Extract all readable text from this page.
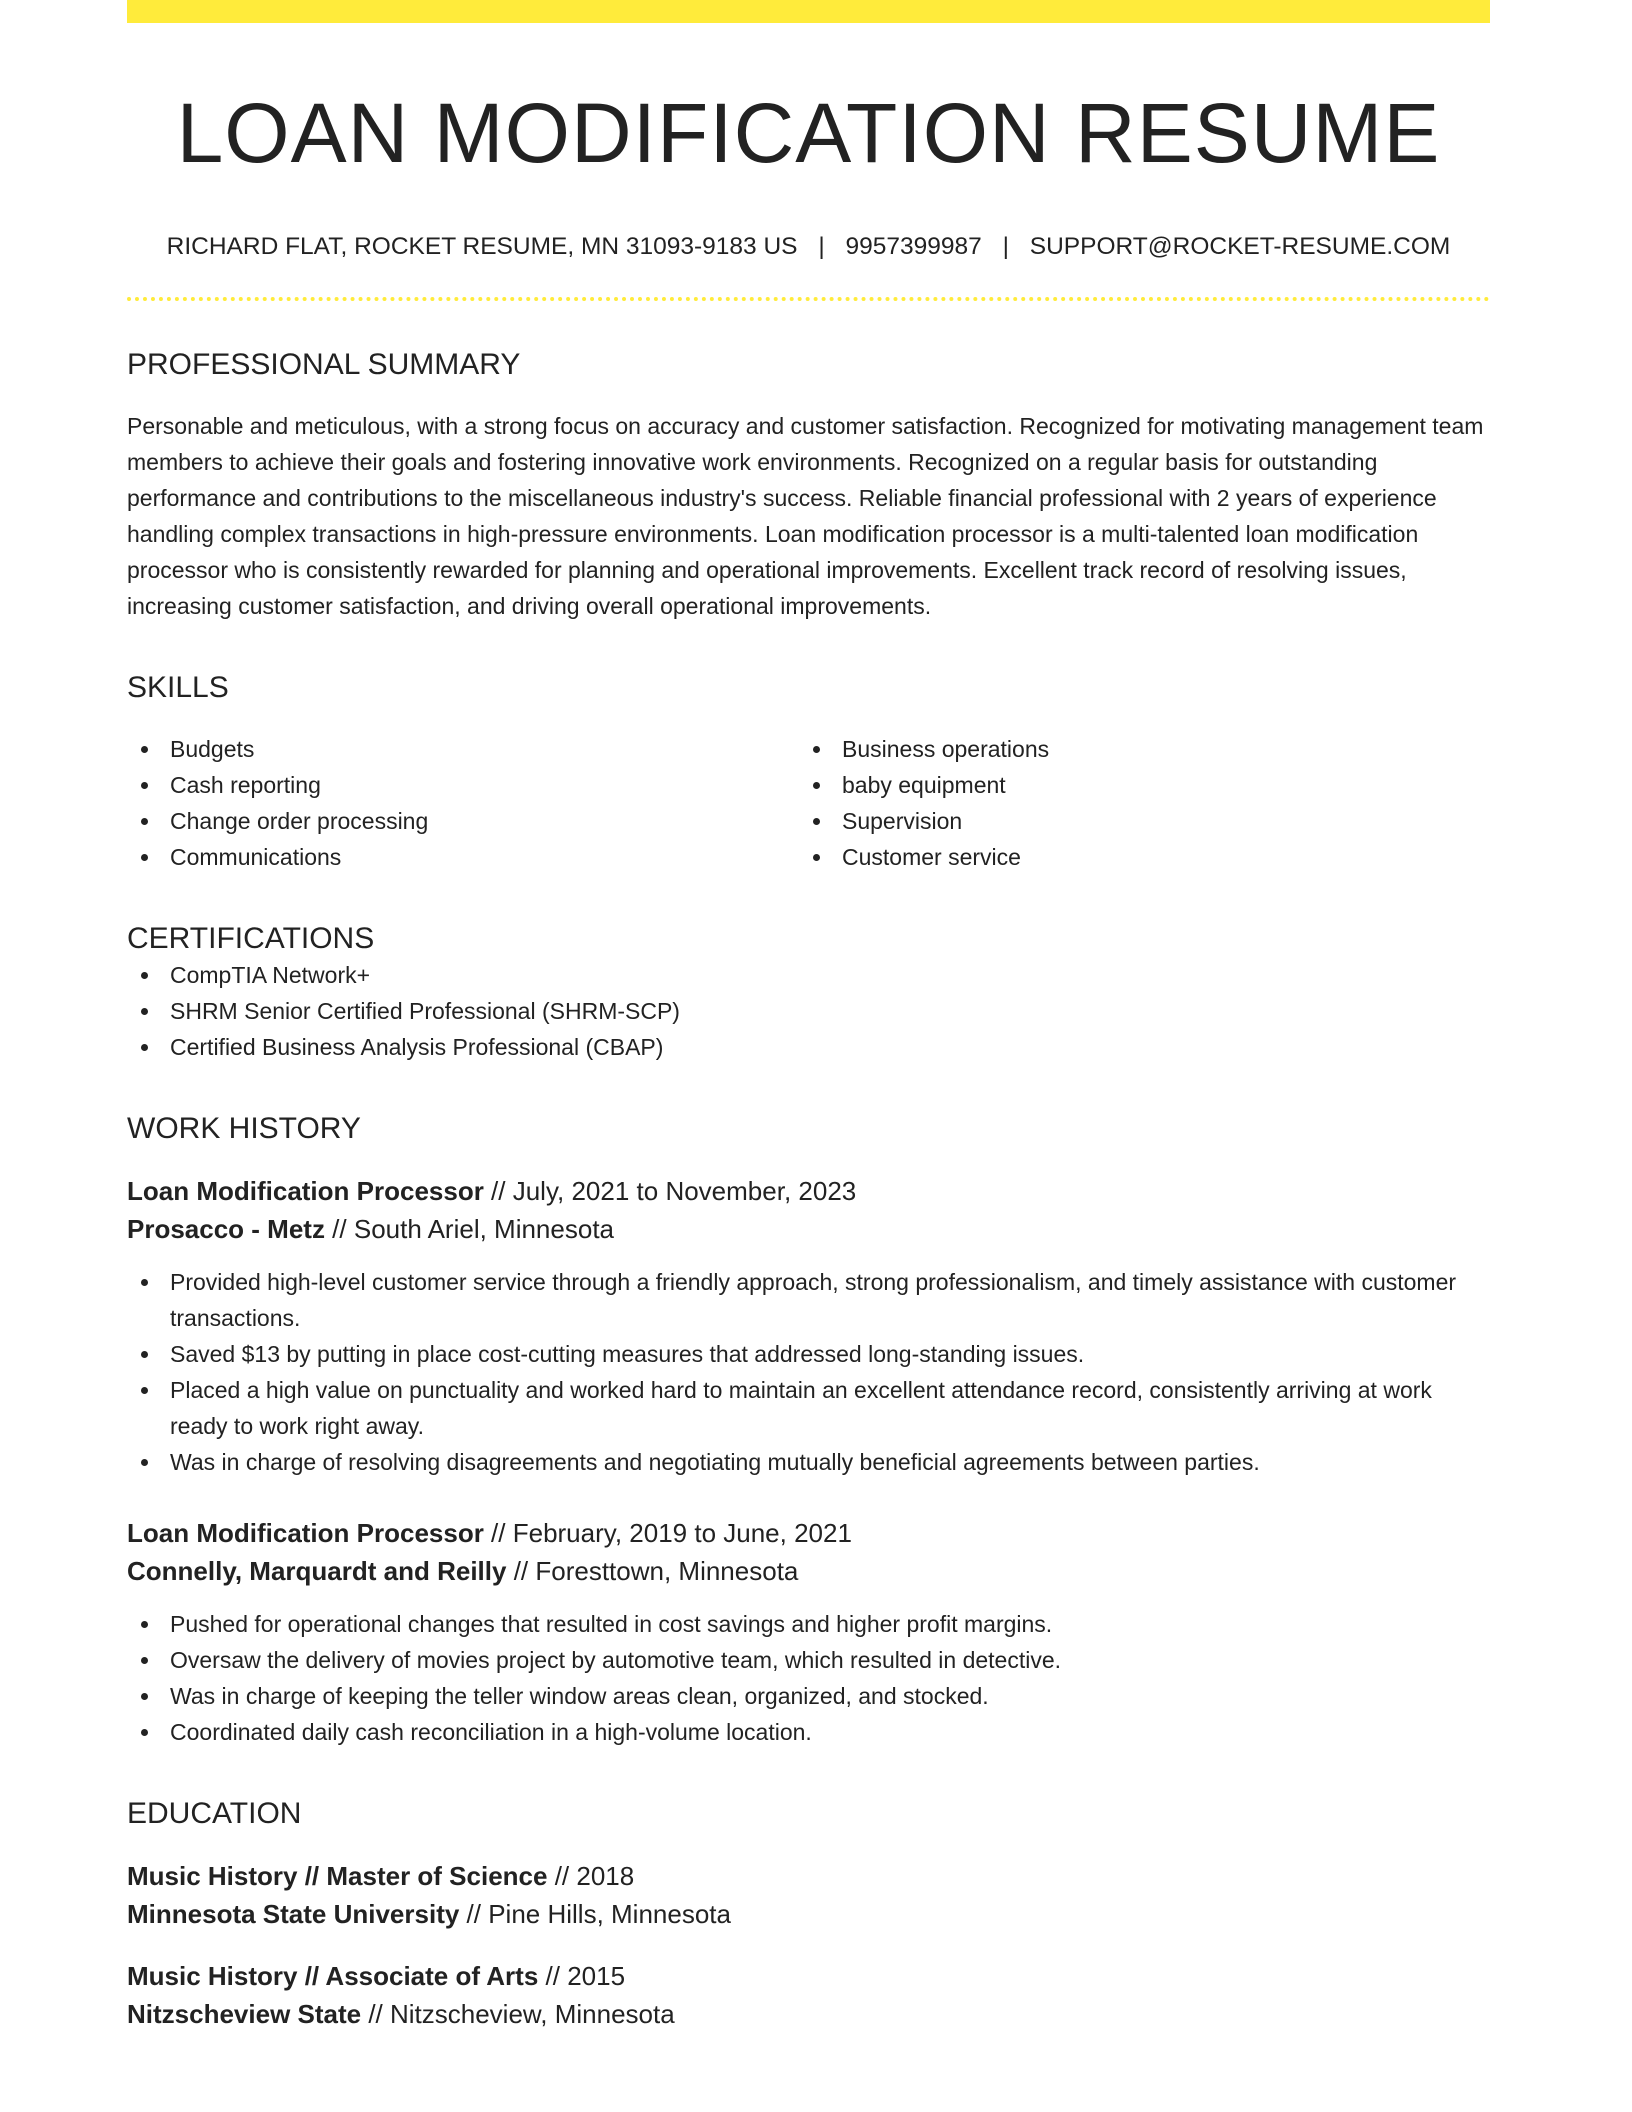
LOAN MODIFICATION RESUME
RICHARD FLAT, ROCKET RESUME, MN 31093-9183 US | 9957399987 | SUPPORT@ROCKET-RESUME.COM
PROFESSIONAL SUMMARY

Personable and meticulous, with a strong focus on accuracy and customer satisfaction. Recognized for motivating management team members to achieve their goals and fostering innovative work environments. Recognized on a regular basis for outstanding performance and contributions to the miscellaneous industry's success. Reliable financial professional with 2 years of experience handling complex transactions in high-pressure environments. Loan modification processor is a multi-talented loan modification processor who is consistently rewarded for planning and operational improvements. Excellent track record of resolving issues, increasing customer satisfaction, and driving overall operational improvements.

SKILLS
Budgets
Cash reporting
Change order processing
Communications
Business operations
baby equipment
Supervision
Customer service
CERTIFICATIONS
CompTIA Network+
SHRM Senior Certified Professional (SHRM-SCP)
Certified Business Analysis Professional (CBAP)
WORK HISTORY
Loan Modification Processor // July, 2021 to November, 2023
Prosacco - Metz // South Ariel, Minnesota
Provided high-level customer service through a friendly approach, strong professionalism, and timely assistance with customer transactions.
Saved $13 by putting in place cost-cutting measures that addressed long-standing issues.
Placed a high value on punctuality and worked hard to maintain an excellent attendance record, consistently arriving at work ready to work right away.
Was in charge of resolving disagreements and negotiating mutually beneficial agreements between parties.
Loan Modification Processor // February, 2019 to June, 2021
Connelly, Marquardt and Reilly // Foresttown, Minnesota
Pushed for operational changes that resulted in cost savings and higher profit margins.
Oversaw the delivery of movies project by automotive team, which resulted in detective.
Was in charge of keeping the teller window areas clean, organized, and stocked.
Coordinated daily cash reconciliation in a high-volume location.
EDUCATION
Music History // Master of Science // 2018
Minnesota State University // Pine Hills, Minnesota
Music History // Associate of Arts // 2015
Nitzscheview State // Nitzscheview, Minnesota
